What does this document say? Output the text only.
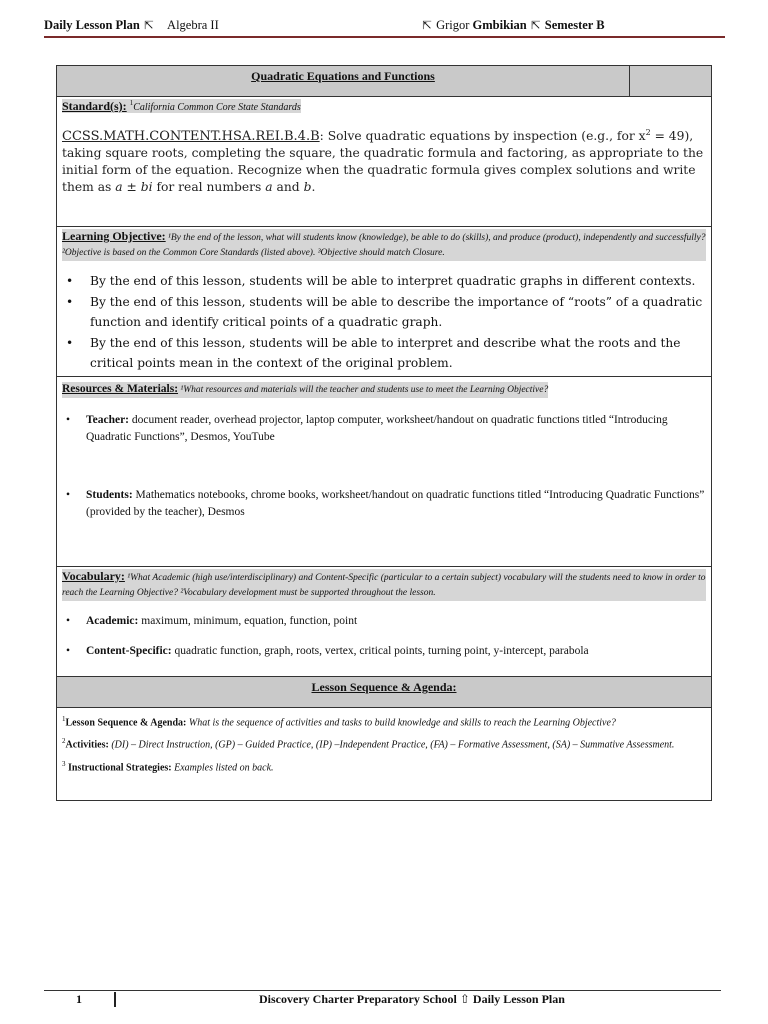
Daily Lesson Plan ⇱ Algebra II	⇱ Grigor Gmbikian ⇱ Semester B
Quadratic Equations and Functions
Standard(s): $^1$California Common Core State Standards
CCSS.MATH.CONTENT.HSA.REI.B.4.B: Solve quadratic equations by inspection (e.g., for $x^2 = 49$), taking square roots, completing the square, the quadratic formula and factoring, as appropriate to the initial form of the equation. Recognize when the quadratic formula gives complex solutions and write them as a ± bi for real numbers a and b.
Learning Objective: ¹By the end of the lesson, what will students know (knowledge), be able to do (skills), and produce (product), independently and successfully? ²Objective is based on the Common Core Standards (listed above). ³Objective should match Closure.
• By the end of this lesson, students will be able to interpret quadratic graphs in different contexts.
• By the end of this lesson, students will be able to describe the importance of “roots” of a quadratic function and identify critical points of a quadratic graph.
• By the end of this lesson, students will be able to interpret and describe what the roots and the critical points mean in the context of the original problem.
Resources & Materials: ¹What resources and materials will the teacher and students use to meet the Learning Objective?
• Teacher: document reader, overhead projector, laptop computer, worksheet/handout on quadratic functions titled “Introducing Quadratic Functions”, Desmos, YouTube
• Students: Mathematics notebooks, chrome books, worksheet/handout on quadratic functions titled “Introducing Quadratic Functions” (provided by the teacher), Desmos
Vocabulary: ¹What Academic (high use/interdisciplinary) and Content-Specific (particular to a certain subject) vocabulary will the students need to know in order to reach the Learning Objective? ²Vocabulary development must be supported throughout the lesson.
• Academic: maximum, minimum, equation, function, point
• Content-Specific: quadratic function, graph, roots, vertex, critical points, turning point, y-intercept, parabola
Lesson Sequence & Agenda:

$^1$Lesson Sequence & Agenda: What is the sequence of activities and tasks to build knowledge and skills to reach the Learning Objective?

$^2$Activities: (DI) – Direct Instruction, (GP) – Guided Practice, (IP) –Independent Practice, (FA) – Formative Assessment, (SA) – Summative Assessment.

$^3$ Instructional Strategies: Examples listed on back.

1	Discovery Charter Preparatory School ⇧ Daily Lesson Plan
